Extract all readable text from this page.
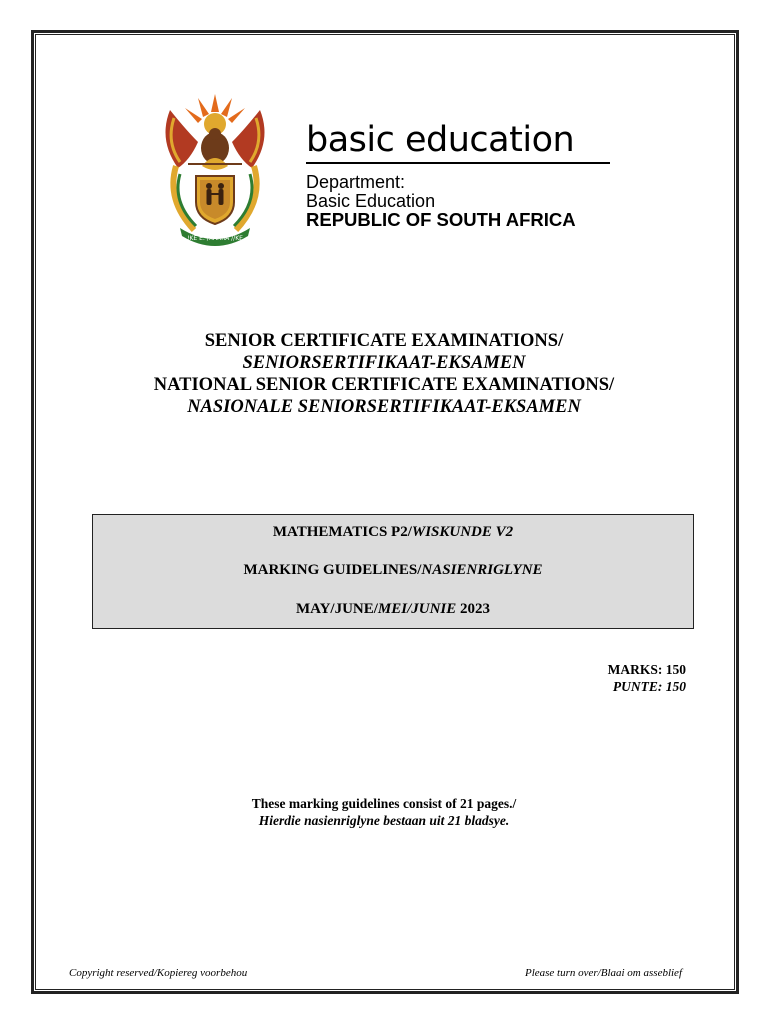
!KE E: /XARRA //KE
basic education
Department:
Basic Education
REPUBLIC OF SOUTH AFRICA
SENIOR CERTIFICATE EXAMINATIONS/
SENIORSERTIFIKAAT-EKSAMEN
NATIONAL SENIOR CERTIFICATE EXAMINATIONS/
NASIONALE SENIORSERTIFIKAAT-EKSAMEN
MATHEMATICS P2/WISKUNDE V2
MARKING GUIDELINES/NASIENRIGLYNE
MAY/JUNE/MEI/JUNIE 2023
MARKS: 150
PUNTE: 150
These marking guidelines consist of 21 pages./
Hierdie nasienriglyne bestaan uit 21 bladsye.
Copyright reserved/Kopiereg voorbehou	Please turn over/Blaai om asseblief
